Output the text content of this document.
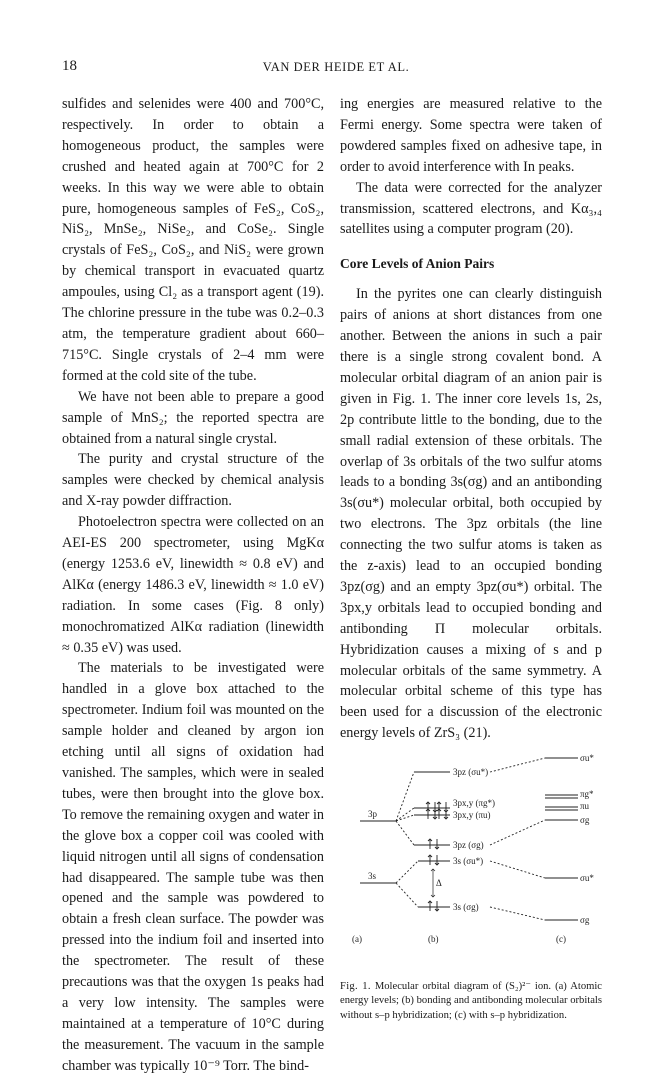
18	VAN DER HEIDE ET AL.

sulfides and selenides were 400 and 700°C, respectively. In order to obtain a homogeneous product, the samples were crushed and heated again at 700°C for 2 weeks. In this way we were able to obtain pure, homogeneous samples of FeS₂, CoS₂, NiS₂, MnSe₂, NiSe₂, and CoSe₂. Single crystals of FeS₂, CoS₂, and NiS₂ were grown by chemical transport in evacuated quartz ampoules, using Cl₂ as a transport agent (19). The chlorine pressure in the tube was 0.2–0.3 atm, the temperature gradient about 660–715°C. Single crystals of 2–4 mm were formed at the cold site of the tube.

We have not been able to prepare a good sample of MnS₂; the reported spectra are obtained from a natural single crystal.

The purity and crystal structure of the samples were checked by chemical analysis and X-ray powder diffraction.

Photoelectron spectra were collected on an AEI-ES 200 spectrometer, using MgKα (energy 1253.6 eV, linewidth ≈ 0.8 eV) and AlKα (energy 1486.3 eV, linewidth ≈ 1.0 eV) radiation. In some cases (Fig. 8 only) monochromatized AlKα radiation (linewidth ≈ 0.35 eV) was used.

The materials to be investigated were handled in a glove box attached to the spectrometer. Indium foil was mounted on the sample holder and cleaned by argon ion etching until all signs of oxidation had vanished. The samples, which were in sealed tubes, were then brought into the glove box. To remove the remaining oxygen and water in the glove box a copper coil was cooled with liquid nitrogen until all signs of condensation had disappeared. The sample tube was then opened and the sample was powdered to obtain a fresh clean surface. The powder was pressed into the indium foil and inserted into the spectrometer. The result of these precautions was that the oxygen 1s peaks had a very low intensity. The samples were maintained at a temperature of 10°C during the measurement. The vacuum in the sample chamber was typically 10⁻⁹ Torr. The bind-

ing energies are measured relative to the Fermi energy. Some spectra were taken of powdered samples fixed on adhesive tape, in order to avoid interference with In peaks.

The data were corrected for the analyzer transmission, scattered electrons, and Kα₃,₄ satellites using a computer program (20).

Core Levels of Anion Pairs

In the pyrites one can clearly distinguish pairs of anions at short distances from one another. Between the anions in such a pair there is a single strong covalent bond. A molecular orbital diagram of an anion pair is given in Fig. 1. The inner core levels 1s, 2s, 2p contribute little to the bonding, due to the small radial extension of these orbitals. The overlap of 3s orbitals of the two sulfur atoms leads to a bonding 3s(σg) and an antibonding 3s(σu*) molecular orbital, both occupied by two electrons. The 3pz orbitals (the line connecting the two sulfur atoms is taken as the z-axis) lead to an occupied bonding 3pz(σg) and an empty 3pz(σu*) orbital. The 3px,y orbitals lead to occupied bonding and antibonding Π molecular orbitals. Hybridization causes a mixing of s and p molecular orbitals of the same symmetry. A molecular orbital scheme of this type has been used for a discussion of the electronic energy levels of ZrS₃ (21).

3p
3s
3pz (σu*)
3px,y (πg*)
3px,y (πu)
3pz (σg)
3s (σu*)
3s (σg)
Δ
σu*
πg*
πu
σg
σu*
σg
(a)	(b)	(c)

Fig. 1. Molecular orbital diagram of (S₂)²⁻ ion. (a) Atomic energy levels; (b) bonding and antibonding molecular orbitals without s–p hybridization; (c) with s–p hybridization.
